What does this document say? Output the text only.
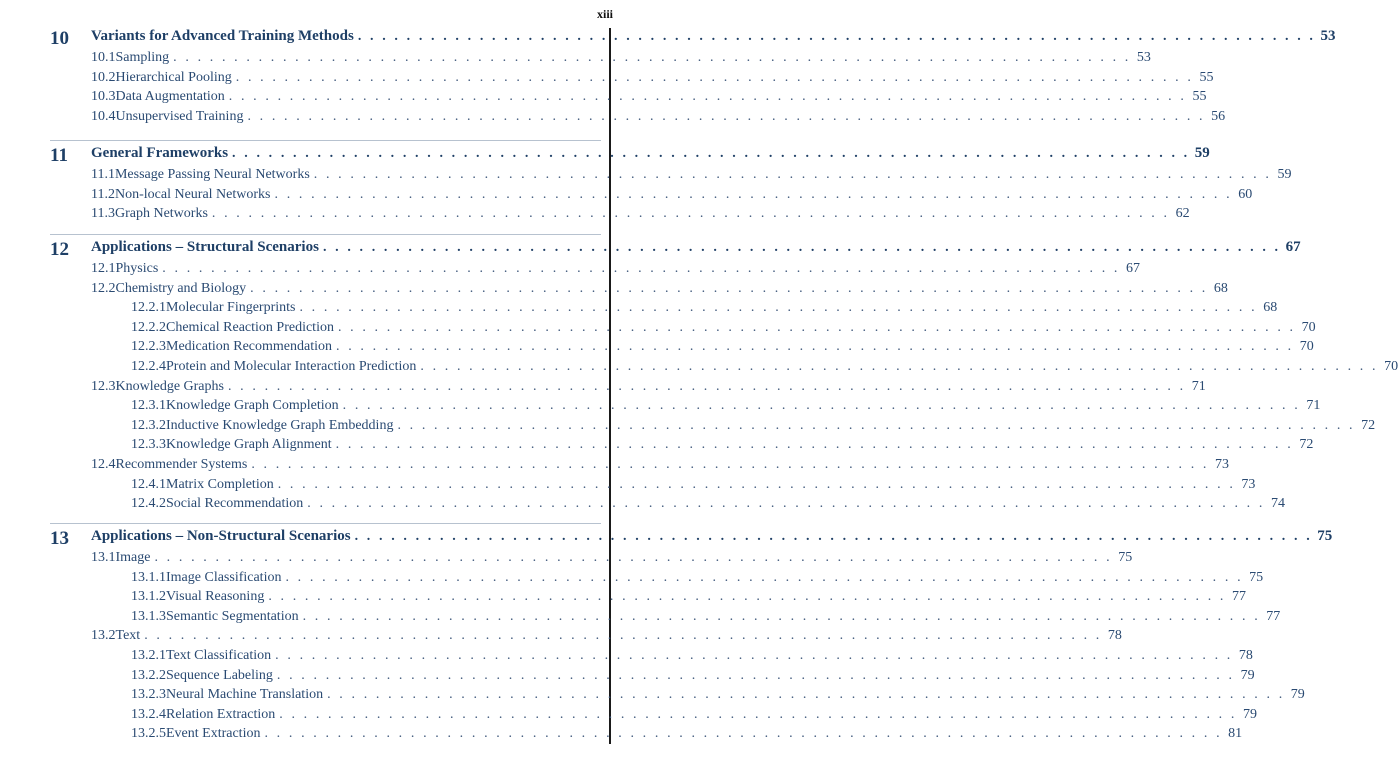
xiii
10 Variants for Advanced Training Methods . . . . . . . . . . . . . . . . . . . . . . . . . . . . . . . . . . . . . . . . . . . . . . . . . . . . . . . . . . . . . . . . . . . . . . . . . . . . . . . 53
10.1 Sampling . . . . . . . . . . . . . . . . . . . . . . . . . . . . . . . . . . . . . . . . . . . . . . . . . . . . . . . . . . . . . . . . . . . . . . . . . . . . . . . 53
10.2 Hierarchical Pooling . . . . . . . . . . . . . . . . . . . . . . . . . . . . . . . . . . . . . . . . . . . . . . . . . . . . . . . . . . . . . . . . . . . . . . . . . . . . . . . 55
10.3 Data Augmentation . . . . . . . . . . . . . . . . . . . . . . . . . . . . . . . . . . . . . . . . . . . . . . . . . . . . . . . . . . . . . . . . . . . . . . . . . . . . . . . 55
10.4 Unsupervised Training . . . . . . . . . . . . . . . . . . . . . . . . . . . . . . . . . . . . . . . . . . . . . . . . . . . . . . . . . . . . . . . . . . . . . . . . . . . . . . . 56
11 General Frameworks . . . . . . . . . . . . . . . . . . . . . . . . . . . . . . . . . . . . . . . . . . . . . . . . . . . . . . . . . . . . . . . . . . . . . . . . . . . . . . . 59
11.1 Message Passing Neural Networks . . . . . . . . . . . . . . . . . . . . . . . . . . . . . . . . . . . . . . . . . . . . . . . . . . . . . . . . . . . . . . . . . . . . . . . . . . . . . . . 59
11.2 Non-local Neural Networks . . . . . . . . . . . . . . . . . . . . . . . . . . . . . . . . . . . . . . . . . . . . . . . . . . . . . . . . . . . . . . . . . . . . . . . . . . . . . . . 60
11.3 Graph Networks . . . . . . . . . . . . . . . . . . . . . . . . . . . . . . . . . . . . . . . . . . . . . . . . . . . . . . . . . . . . . . . . . . . . . . . . . . . . . . . 62
12 Applications – Structural Scenarios . . . . . . . . . . . . . . . . . . . . . . . . . . . . . . . . . . . . . . . . . . . . . . . . . . . . . . . . . . . . . . . . . . . . . . . . . . . . . . . 67
12.1 Physics . . . . . . . . . . . . . . . . . . . . . . . . . . . . . . . . . . . . . . . . . . . . . . . . . . . . . . . . . . . . . . . . . . . . . . . . . . . . . . . 67
12.2 Chemistry and Biology . . . . . . . . . . . . . . . . . . . . . . . . . . . . . . . . . . . . . . . . . . . . . . . . . . . . . . . . . . . . . . . . . . . . . . . . . . . . . . . 68
12.2.1 Molecular Fingerprints . . . . . . . . . . . . . . . . . . . . . . . . . . . . . . . . . . . . . . . . . . . . . . . . . . . . . . . . . . . . . . . . . . . . . . . . . . . . . . . 68
12.2.2 Chemical Reaction Prediction . . . . . . . . . . . . . . . . . . . . . . . . . . . . . . . . . . . . . . . . . . . . . . . . . . . . . . . . . . . . . . . . . . . . . . . . . . . . . . . 70
12.2.3 Medication Recommendation . . . . . . . . . . . . . . . . . . . . . . . . . . . . . . . . . . . . . . . . . . . . . . . . . . . . . . . . . . . . . . . . . . . . . . . . . . . . . . . 70
12.2.4 Protein and Molecular Interaction Prediction . . . . . . . . . . . . . . . . . . . . . . . . . . . . . . . . . . . . . . . . . . . . . . . . . . . . . . . . . . . . . . . . . . . . . . . . . . . . . . . 70
12.3 Knowledge Graphs . . . . . . . . . . . . . . . . . . . . . . . . . . . . . . . . . . . . . . . . . . . . . . . . . . . . . . . . . . . . . . . . . . . . . . . . . . . . . . . 71
12.3.1 Knowledge Graph Completion . . . . . . . . . . . . . . . . . . . . . . . . . . . . . . . . . . . . . . . . . . . . . . . . . . . . . . . . . . . . . . . . . . . . . . . . . . . . . . . 71
12.3.2 Inductive Knowledge Graph Embedding . . . . . . . . . . . . . . . . . . . . . . . . . . . . . . . . . . . . . . . . . . . . . . . . . . . . . . . . . . . . . . . . . . . . . . . . . . . . . . . 72
12.3.3 Knowledge Graph Alignment . . . . . . . . . . . . . . . . . . . . . . . . . . . . . . . . . . . . . . . . . . . . . . . . . . . . . . . . . . . . . . . . . . . . . . . . . . . . . . . 72
12.4 Recommender Systems . . . . . . . . . . . . . . . . . . . . . . . . . . . . . . . . . . . . . . . . . . . . . . . . . . . . . . . . . . . . . . . . . . . . . . . . . . . . . . . 73
12.4.1 Matrix Completion . . . . . . . . . . . . . . . . . . . . . . . . . . . . . . . . . . . . . . . . . . . . . . . . . . . . . . . . . . . . . . . . . . . . . . . . . . . . . . . 73
12.4.2 Social Recommendation . . . . . . . . . . . . . . . . . . . . . . . . . . . . . . . . . . . . . . . . . . . . . . . . . . . . . . . . . . . . . . . . . . . . . . . . . . . . . . . 74
13 Applications – Non-Structural Scenarios . . . . . . . . . . . . . . . . . . . . . . . . . . . . . . . . . . . . . . . . . . . . . . . . . . . . . . . . . . . . . . . . . . . . . . . . . . . . . . . 75
13.1 Image . . . . . . . . . . . . . . . . . . . . . . . . . . . . . . . . . . . . . . . . . . . . . . . . . . . . . . . . . . . . . . . . . . . . . . . . . . . . . . . 75
13.1.1 Image Classification . . . . . . . . . . . . . . . . . . . . . . . . . . . . . . . . . . . . . . . . . . . . . . . . . . . . . . . . . . . . . . . . . . . . . . . . . . . . . . . 75
13.1.2 Visual Reasoning . . . . . . . . . . . . . . . . . . . . . . . . . . . . . . . . . . . . . . . . . . . . . . . . . . . . . . . . . . . . . . . . . . . . . . . . . . . . . . . 77
13.1.3 Semantic Segmentation . . . . . . . . . . . . . . . . . . . . . . . . . . . . . . . . . . . . . . . . . . . . . . . . . . . . . . . . . . . . . . . . . . . . . . . . . . . . . . . 77
13.2 Text . . . . . . . . . . . . . . . . . . . . . . . . . . . . . . . . . . . . . . . . . . . . . . . . . . . . . . . . . . . . . . . . . . . . . . . . . . . . . . . 78
13.2.1 Text Classification . . . . . . . . . . . . . . . . . . . . . . . . . . . . . . . . . . . . . . . . . . . . . . . . . . . . . . . . . . . . . . . . . . . . . . . . . . . . . . . 78
13.2.2 Sequence Labeling . . . . . . . . . . . . . . . . . . . . . . . . . . . . . . . . . . . . . . . . . . . . . . . . . . . . . . . . . . . . . . . . . . . . . . . . . . . . . . . 79
13.2.3 Neural Machine Translation . . . . . . . . . . . . . . . . . . . . . . . . . . . . . . . . . . . . . . . . . . . . . . . . . . . . . . . . . . . . . . . . . . . . . . . . . . . . . . . 79
13.2.4 Relation Extraction . . . . . . . . . . . . . . . . . . . . . . . . . . . . . . . . . . . . . . . . . . . . . . . . . . . . . . . . . . . . . . . . . . . . . . . . . . . . . . . 79
13.2.5 Event Extraction . . . . . . . . . . . . . . . . . . . . . . . . . . . . . . . . . . . . . . . . . . . . . . . . . . . . . . . . . . . . . . . . . . . . . . . . . . . . . . . 81
